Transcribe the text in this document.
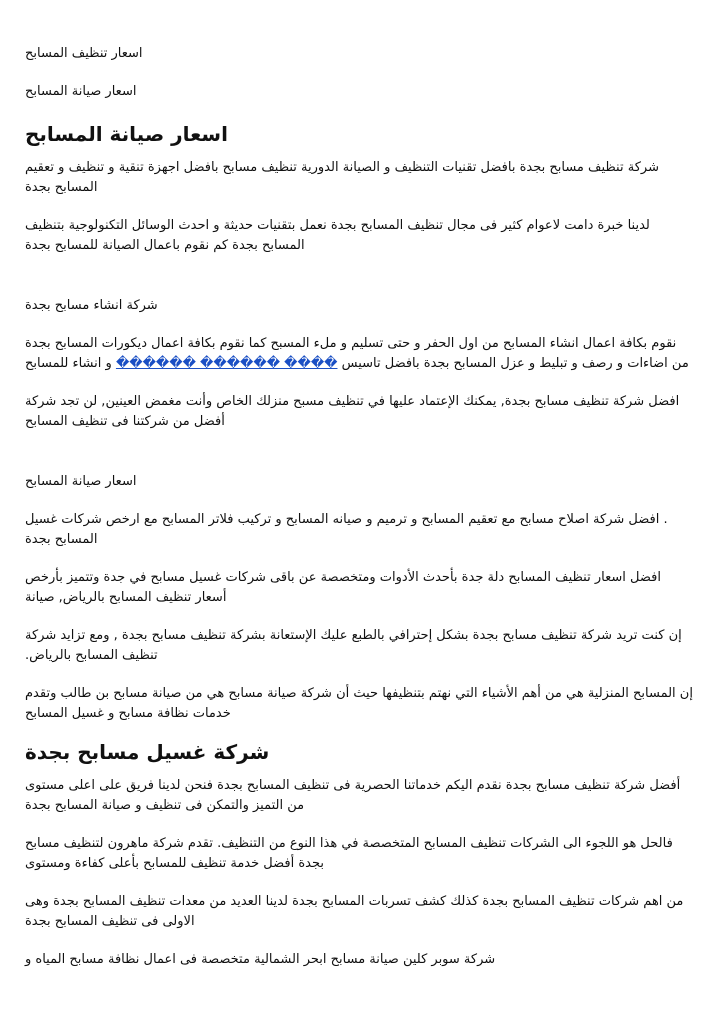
اسعار تنظيف المسابح

اسعار صيانة المسابح

اسعار صيانة المسابح

شركة تنظيف مسابح بجدة بافضل تقنيات التنظيف و الصيانة الدورية تنظيف مسابح بافضل اجهزة تنقية و تنظيف و تعقيم المسابح بجدة

لدينا خبرة دامت لاعوام كثير فى مجال تنظيف المسابح بجدة نعمل بتقنيات حديثة و احدث الوسائل التكنولوجية بتنظيف المسابح بجدة كم نقوم باعمال الصيانة للمسابح بجدة

شركة انشاء مسابح بجدة

نقوم بكافة اعمال انشاء المسابح من اول الحفر و حتى تسليم و ملء المسبح كما نقوم بكافة اعمال ديكورات المسابح بجدة من اضاءات و رصف و تبليط و عزل المسابح بجدة بافضل تاسيس ���� ������ ������ و انشاء للمسابح

افضل شركة تنظيف مسابح بجدة, يمكنك الإعتماد عليها في تنظيف مسبح منزلك الخاص وأنت مغمض العينين, لن تجد شركة أفضل من شركتنا فى تنظيف المسابح

اسعار صيانة المسابح

. افضل شركة اصلاح مسابح مع تعقيم المسابح و ترميم و صيانه المسابح و تركيب فلاتر المسابح مع ارخص شركات غسيل المسابح بجدة

افضل اسعار تنظيف المسابح دلة جدة بأحدث الأدوات ومتخصصة عن باقى شركات غسيل مسابح في جدة وتتميز بأرخص أسعار تنظيف المسابح بالرياض, صيانة

إن كنت تريد شركة تنظيف مسابح بجدة بشكل إحترافي بالطبع عليك الإستعانة بشركة تنظيف مسابح بجدة , ومع تزايد شركة تنظيف المسابح بالرياض.

إن المسابح المنزلية هي من أهم الأشياء التي نهتم بتنظيفها حيث أن شركة صيانة مسابح هي من صيانة مسابح بن طالب وتقدم خدمات نظافة مسابح و غسيل المسابح

شركة غسيل مسابح بجدة

أفضل شركة تنظيف مسابح بجدة نقدم اليكم خدماتنا الحصرية فى تنظيف المسابح بجدة فنحن لدينا فريق على اعلى مستوى من التميز والتمكن فى تنظيف و صيانة المسابح بجدة

فالحل هو اللجوء الى الشركات تنظيف المسابح المتخصصة في هذا النوع من التنظيف. تقدم شركة ماهرون لتنظيف مسابح بجدة أفضل خدمة تنظيف للمسابح بأعلى كفاءة ومستوى

من اهم شركات تنظيف المسابح بجدة كذلك كشف تسربات المسابح بجدة لدينا العديد من معدات تنظيف المسابح بجدة وهى الاولى فى تنظيف المسابح بجدة

شركة سوبر كلين صيانة مسابح ابحر الشمالية متخصصة فى اعمال نظافة مسابح المياه و
